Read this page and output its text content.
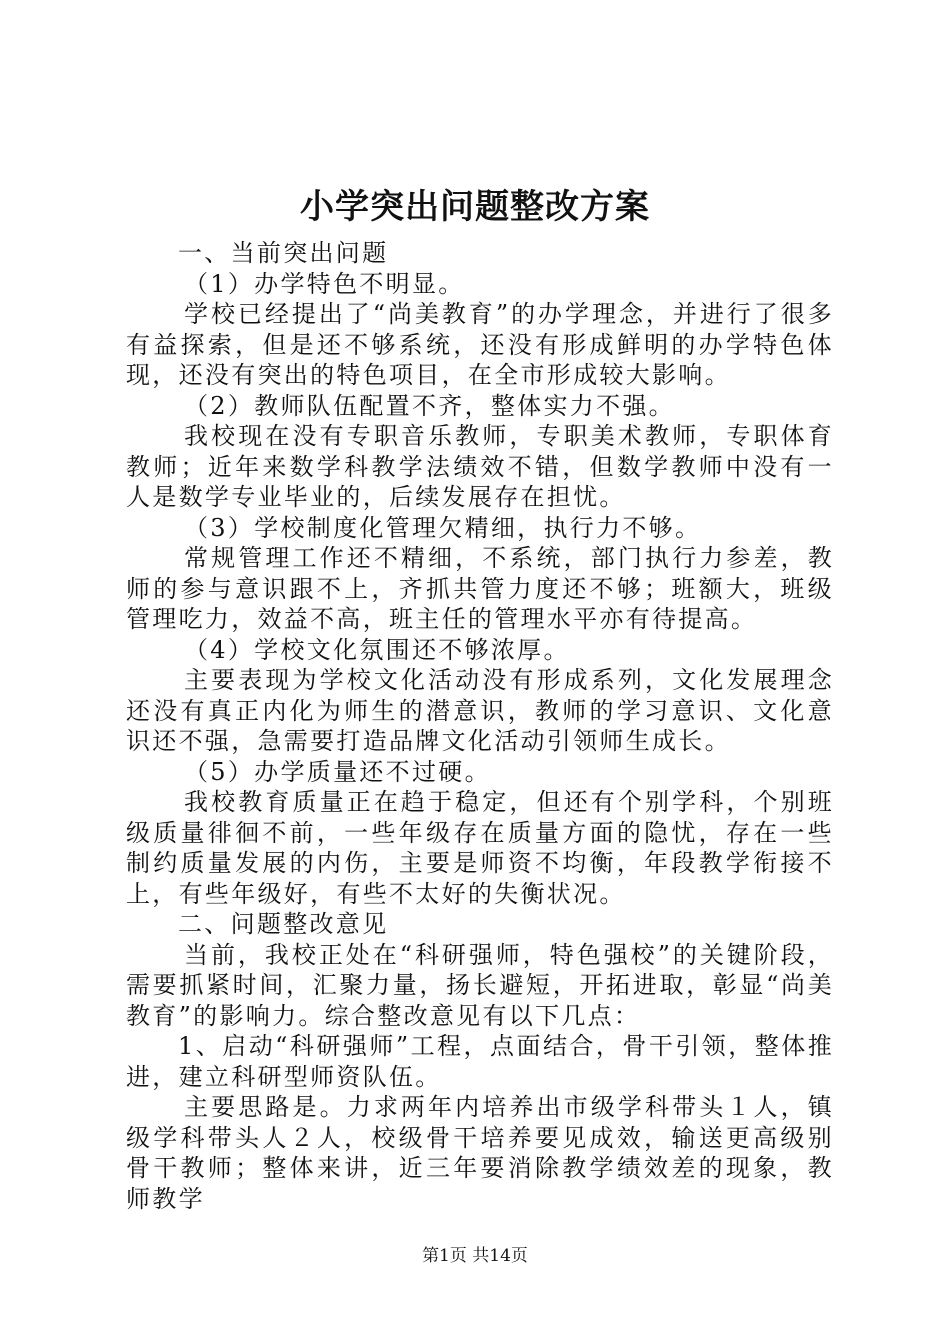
小学突出问题整改方案

一、当前突出问题

（1）办学特色不明显。

学校已经提出了“尚美教育”的办学理念，并进行了很多有益探索，但是还不够系统，还没有形成鲜明的办学特色体现，还没有突出的特色项目，在全市形成较大影响。

（2）教师队伍配置不齐，整体实力不强。

我校现在没有专职音乐教师，专职美术教师，专职体育教师；近年来数学科教学法绩效不错，但数学教师中没有一人是数学专业毕业的，后续发展存在担忧。

（3）学校制度化管理欠精细，执行力不够。

常规管理工作还不精细，不系统，部门执行力参差，教师的参与意识跟不上，齐抓共管力度还不够；班额大，班级管理吃力，效益不高，班主任的管理水平亦有待提高。

（4）学校文化氛围还不够浓厚。

主要表现为学校文化活动没有形成系列，文化发展理念还没有真正内化为师生的潜意识，教师的学习意识、文化意识还不强，急需要打造品牌文化活动引领师生成长。

（5）办学质量还不过硬。

我校教育质量正在趋于稳定，但还有个别学科，个别班级质量徘徊不前，一些年级存在质量方面的隐忧，存在一些制约质量发展的内伤，主要是师资不均衡，年段教学衔接不上，有些年级好，有些不太好的失衡状况。

二、问题整改意见

当前，我校正处在“科研强师，特色强校”的关键阶段，需要抓紧时间，汇聚力量，扬长避短，开拓进取，彰显“尚美教育”的影响力。综合整改意见有以下几点：

1、启动“科研强师”工程，点面结合，骨干引领，整体推进，建立科研型师资队伍。

主要思路是。力求两年内培养出市级学科带头１人，镇级学科带头人２人，校级骨干培养要见成效，输送更高级别骨干教师；整体来讲，近三年要消除教学绩效差的现象，教师教学

第1页 共14页
